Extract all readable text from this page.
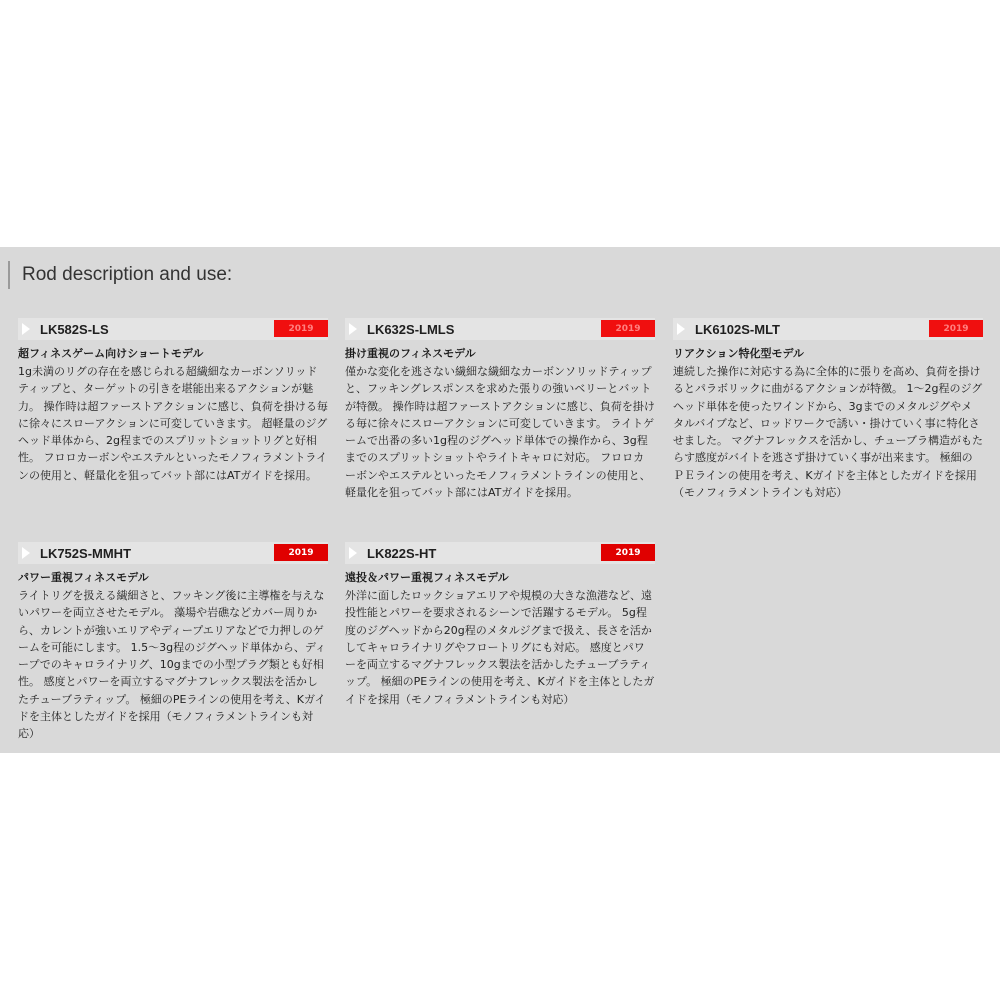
Rod description and use:
LK582S-LS	2019
超フィネスゲーム向けショートモデル
1g未満のリグの存在を感じられる超繊細なカーボンソリッドティップと、ターゲットの引きを堪能出来るアクションが魅力。 操作時は超ファーストアクションに感じ、負荷を掛ける毎に徐々にスローアクションに可変していきます。 超軽量のジグヘッド単体から、2g程までのスプリットショットリグと好相性。 フロロカーボンやエステルといったモノフィラメントラインの使用と、軽量化を狙ってバット部にはATガイドを採用。
LK632S-LMLS	2019
掛け重視のフィネスモデル
僅かな変化を逃さない繊細な繊細なカーボンソリッドティップと、フッキングレスポンスを求めた張りの強いベリーとバットが特徴。 操作時は超ファーストアクションに感じ、負荷を掛ける毎に徐々にスローアクションに可変していきます。 ライトゲームで出番の多い1g程のジグヘッド単体での操作から、3g程までのスプリットショットやライトキャロに対応。 フロロカーボンやエステルといったモノフィラメントラインの使用と、軽量化を狙ってバット部にはATガイドを採用。
LK6102S-MLT	2019
リアクション特化型モデル
連続した操作に対応する為に全体的に張りを高め、負荷を掛けるとパラボリックに曲がるアクションが特徴。 1～2g程のジグヘッド単体を使ったワインドから、3gまでのメタルジグやメタルバイブなど、ロッドワークで誘い・掛けていく事に特化させました。 マグナフレックスを活かし、チューブラ構造がもたらす感度がバイトを逃さず掛けていく事が出来ます。 極細のＰＥラインの使用を考え、Kガイドを主体としたガイドを採用（モノフィラメントラインも対応）
LK752S-MMHT	2019
パワー重視フィネスモデル
ライトリグを扱える繊細さと、フッキング後に主導権を与えないパワーを両立させたモデル。 藻場や岩礁などカバー周りから、カレントが強いエリアやディープエリアなどで力押しのゲームを可能にします。 1.5～3g程のジグヘッド単体から、ディープでのキャロライナリグ、10gまでの小型プラグ類とも好相性。 感度とパワーを両立するマグナフレックス製法を活かしたチューブラティップ。 極細のPEラインの使用を考え、Kガイドを主体としたガイドを採用（モノフィラメントラインも対応）
LK822S-HT	2019
遠投＆パワー重視フィネスモデル
外洋に面したロックショアエリアや規模の大きな漁港など、遠投性能とパワーを要求されるシーンで活躍するモデル。 5g程度のジグヘッドから20g程のメタルジグまで扱え、長さを活かしてキャロライナリグやフロートリグにも対応。 感度とパワーを両立するマグナフレックス製法を活かしたチューブラティップ。 極細のPEラインの使用を考え、Kガイドを主体としたガイドを採用（モノフィラメントラインも対応）
